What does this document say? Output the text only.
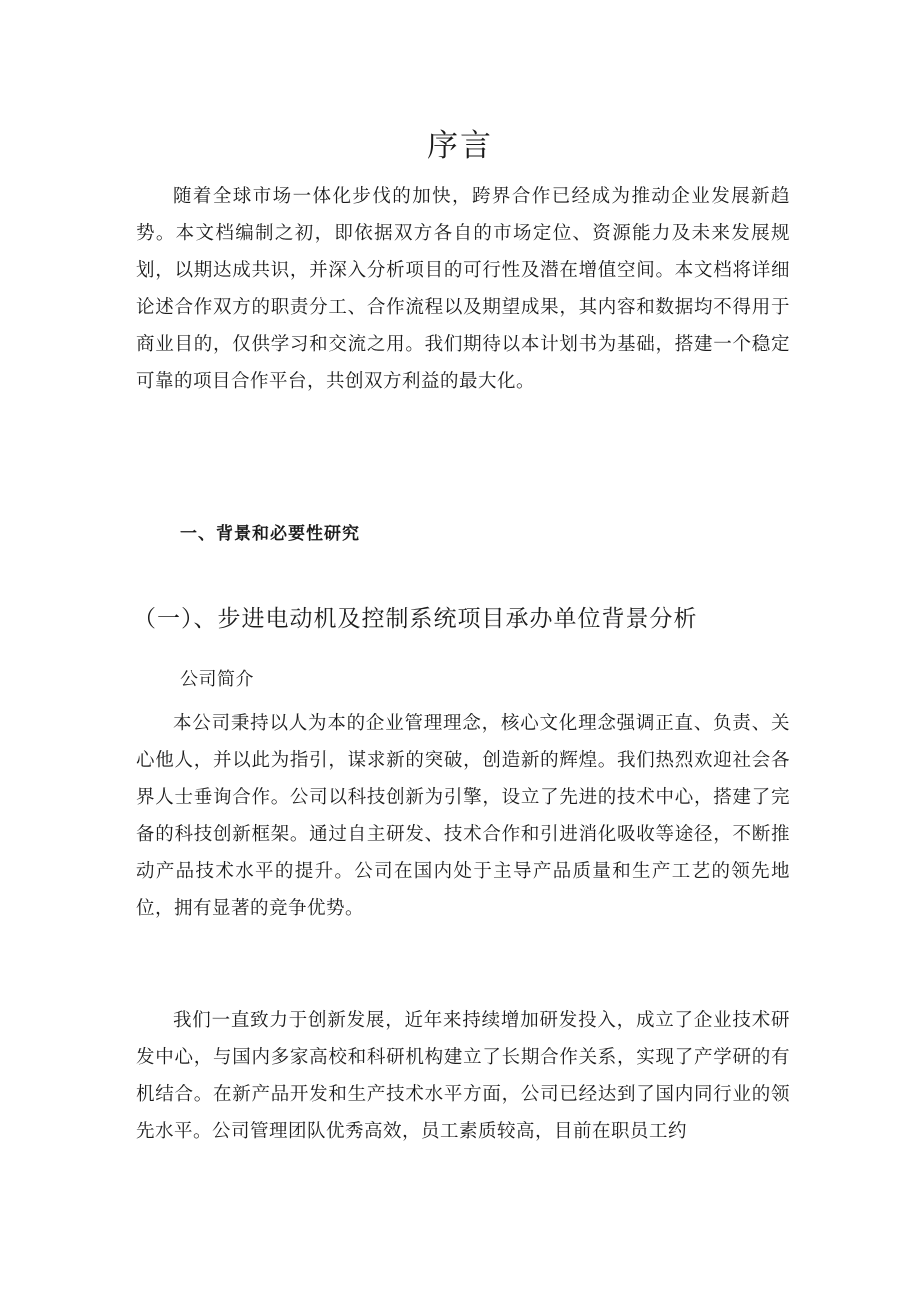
序言

随着全球市场一体化步伐的加快，跨界合作已经成为推动企业发展新趋势。本文档编制之初，即依据双方各自的市场定位、资源能力及未来发展规划，以期达成共识，并深入分析项目的可行性及潜在增值空间。本文档将详细论述合作双方的职责分工、合作流程以及期望成果，其内容和数据均不得用于商业目的，仅供学习和交流之用。我们期待以本计划书为基础，搭建一个稳定可靠的项目合作平台，共创双方利益的最大化。

一、背景和必要性研究
（一）、步进电动机及控制系统项目承办单位背景分析
公司简介

本公司秉持以人为本的企业管理理念，核心文化理念强调正直、负责、关心他人，并以此为指引，谋求新的突破，创造新的辉煌。我们热烈欢迎社会各界人士垂询合作。公司以科技创新为引擎，设立了先进的技术中心，搭建了完备的科技创新框架。通过自主研发、技术合作和引进消化吸收等途径，不断推动产品技术水平的提升。公司在国内处于主导产品质量和生产工艺的领先地位，拥有显著的竞争优势。

我们一直致力于创新发展，近年来持续增加研发投入，成立了企业技术研发中心，与国内多家高校和科研机构建立了长期合作关系，实现了产学研的有机结合。在新产品开发和生产技术水平方面，公司已经达到了国内同行业的领先水平。公司管理团队优秀高效，员工素质较高，目前在职员工约
